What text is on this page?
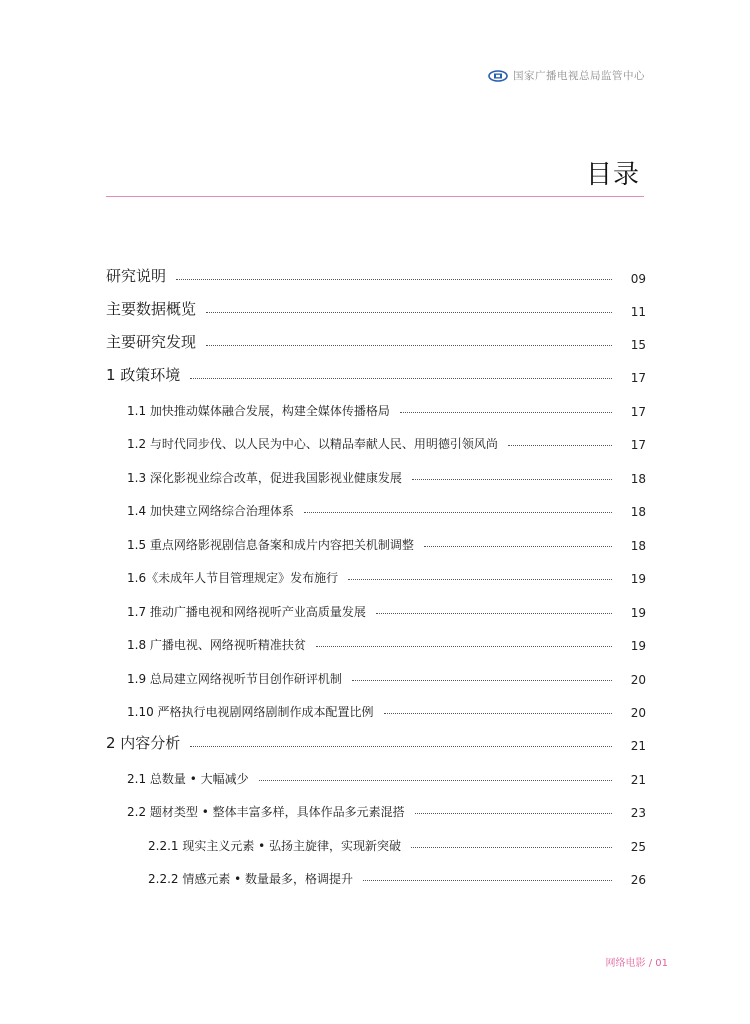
国家广播电视总局监管中心
目录
研究说明	09
主要数据概览	11
主要研究发现	15
1 政策环境	17
1.1 加快推动媒体融合发展，构建全媒体传播格局	17
1.2 与时代同步伐、以人民为中心、以精品奉献人民、用明德引领风尚	17
1.3 深化影视业综合改革，促进我国影视业健康发展	18
1.4 加快建立网络综合治理体系	18
1.5 重点网络影视剧信息备案和成片内容把关机制调整	18
1.6《未成年人节目管理规定》发布施行	19
1.7 推动广播电视和网络视听产业高质量发展	19
1.8 广播电视、网络视听精准扶贫	19
1.9 总局建立网络视听节目创作研评机制	20
1.10 严格执行电视剧网络剧制作成本配置比例	20
2 内容分析	21
2.1 总数量 • 大幅减少	21
2.2 题材类型 • 整体丰富多样，具体作品多元素混搭	23
2.2.1 现实主义元素 • 弘扬主旋律，实现新突破	25
2.2.2 情感元素 • 数量最多，格调提升	26
网络电影 / 01
